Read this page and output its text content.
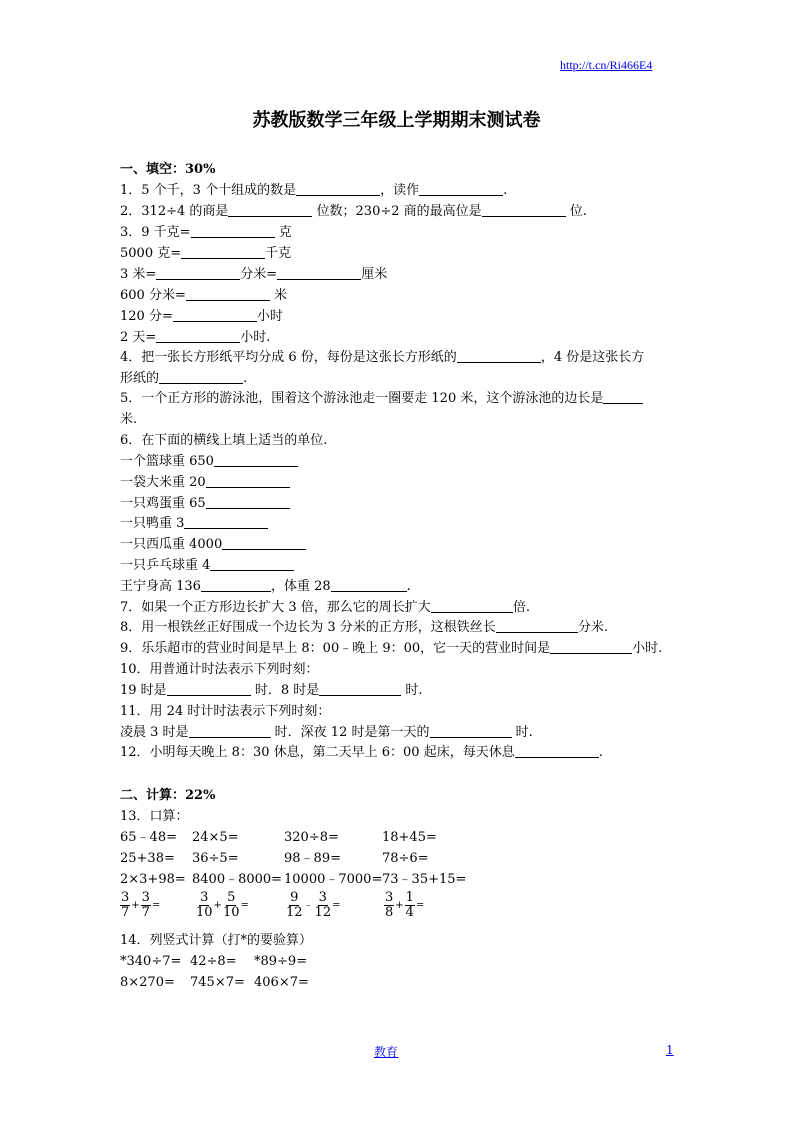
http://t.cn/Ri466E4
苏教版数学三年级上学期期末测试卷
一、填空：30%
1．5 个千，3 个十组成的数是	，读作	.
2．312÷4 的商是	位数；230÷2 商的最高位是	位.
3．9 千克=	克
5000 克=	千克
3 米=	分米=	厘米
600 分米=	米
120 分=	小时
2 天=	小时.
4．把一张长方形纸平均分成 6 份，每份是这张长方形纸的	，4 份是这张长方
形纸的	.
5．一个正方形的游泳池，围着这个游泳池走一圈要走 120 米，这个游泳池的边长是
米.
6．在下面的横线上填上适当的单位.
一个篮球重 650
一袋大米重 20
一只鸡蛋重 65
一只鸭重 3
一只西瓜重 4000
一只乒乓球重 4
王宁身高 136	，体重 28	.
7．如果一个正方形边长扩大 3 倍，那么它的周长扩大	倍.
8．用一根铁丝正好围成一个边长为 3 分米的正方形，这根铁丝长	分米.
9．乐乐超市的营业时间是早上 8：00﹣晚上 9：00，它一天的营业时间是	小时.
10．用普通计时法表示下列时刻：
19 时是	时．8 时是	时.
11．用 24 时计时法表示下列时刻：
凌晨 3 时是	时．深夜 12 时是第一天的	时.
12．小明每天晚上 8：30 休息，第二天早上 6：00 起床，每天休息	.
二、计算：22%
13．口算：
65﹣48= 24×5=	320÷8=	18+45=
25+38= 36÷5=	98﹣89=	78÷6=
2×3+98= 8400﹣8000= 10000﹣7000= 73﹣35+15=
$\frac{3}{7} + \frac{3}{7}$ =	$\frac{3}{10} + \frac{5}{10}$ =	$\frac{9}{12}$ ﹣ $\frac{3}{12}$ =	$\frac{3}{8} + \frac{1}{4}$ =
14．列竖式计算（打*的要验算）
*340÷7= 42÷8= *89÷9=
8×270= 745×7= 406×7=
教育	1
